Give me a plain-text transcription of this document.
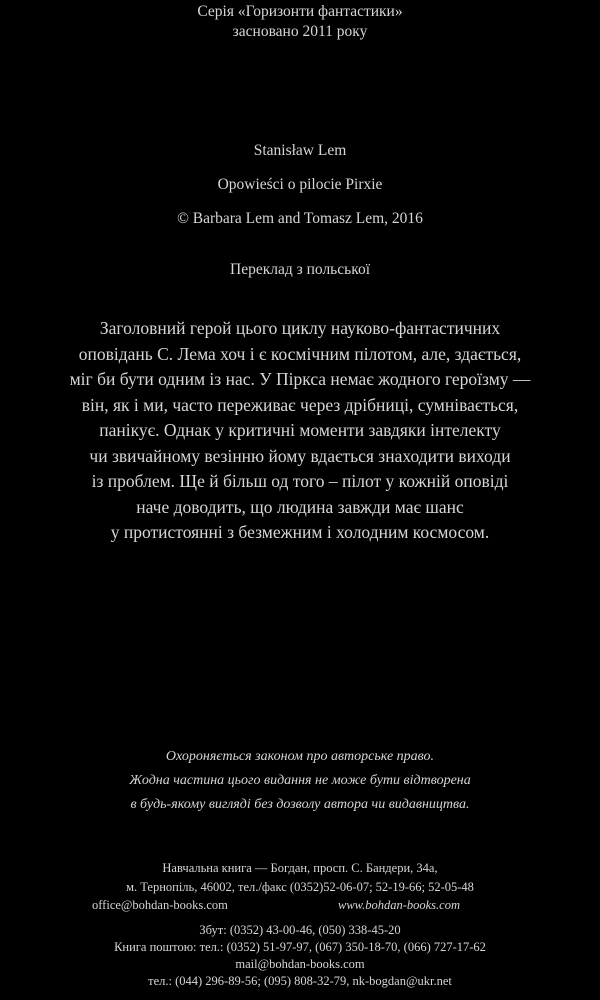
Серія «Горизонти фантастики»
засновано 2011 року
Stanisław Lem
Opowieści o pilocie Pirxie
© Barbara Lem and Tomasz Lem, 2016
Переклад з польської
Заголовний герой цього циклу науково-фантастичних
оповідань С. Лема хоч і є космічним пілотом, але, здається,
міг би бути одним із нас. У Піркса немає жодного героїзму —
він, як і ми, часто переживає через дрібниці, сумнівається,
панікує. Однак у критичні моменти завдяки інтелекту
чи звичайному везінню йому вдається знаходити виходи
із проблем. Ще й більш од того – пілот у кожній оповіді
наче доводить, що людина завжди має шанс
у протистоянні з безмежним і холодним космосом.
Охороняється законом про авторське право.
Жодна частина цього видання не може бути відтворена
в будь-якому вигляді без дозволу автора чи видавництва.
Навчальна книга — Богдан, просп. С. Бандери, 34а,
м. Тернопіль, 46002, тел./факс (0352)52-06-07; 52-19-66; 52-05-48
office@bohdan-books.com	www.bohdan-books.com
Збут: (0352) 43-00-46, (050) 338-45-20
Книга поштою: тел.: (0352) 51-97-97, (067) 350-18-70, (066) 727-17-62
mail@bohdan-books.com
тел.: (044) 296-89-56; (095) 808-32-79, nk-bogdan@ukr.net
